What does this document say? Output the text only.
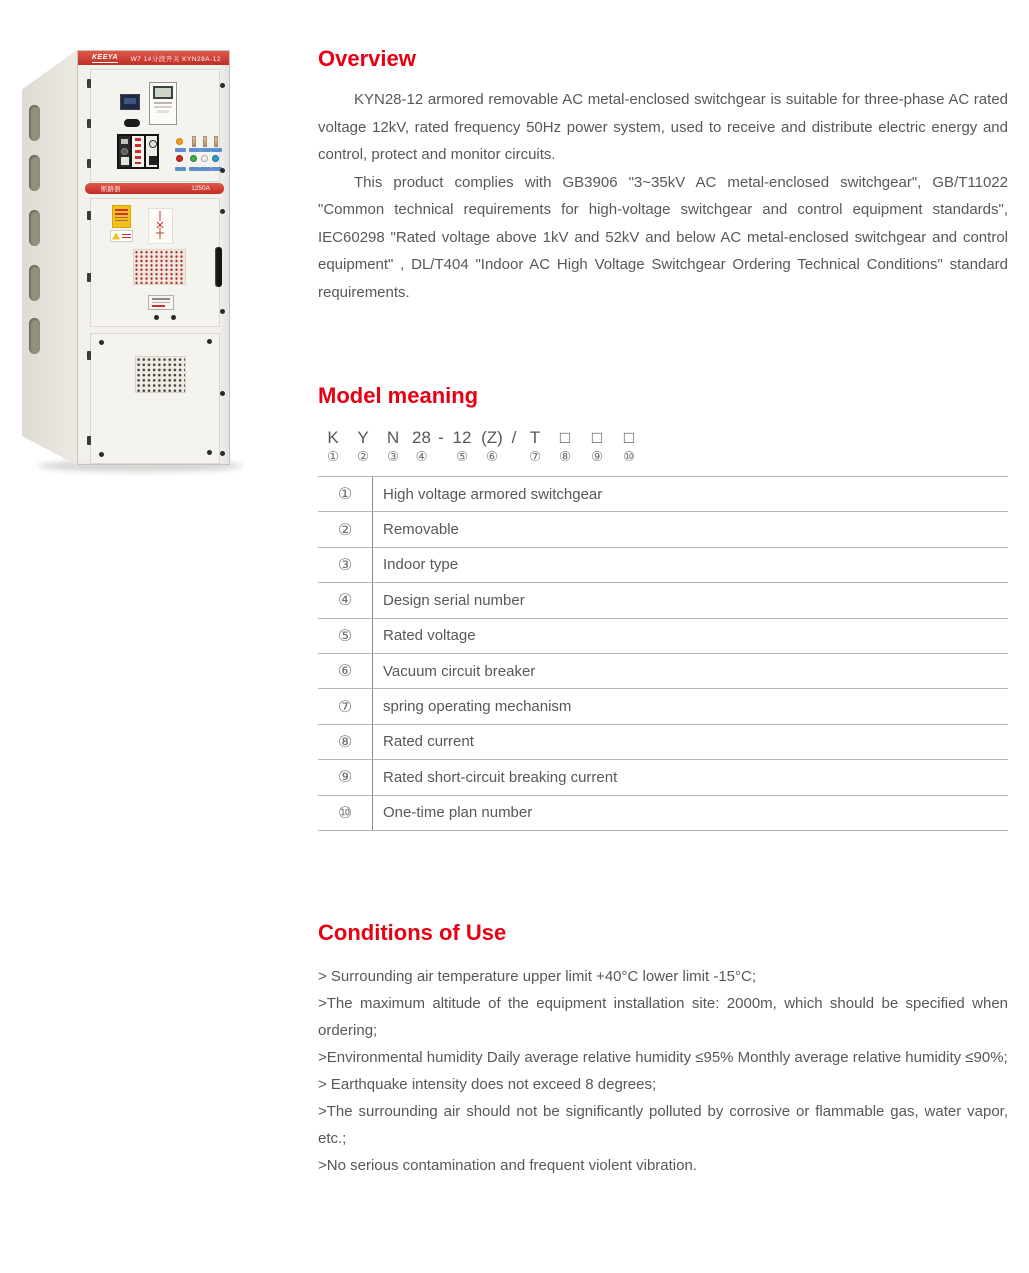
KEEYA W7 1#分段开关 KYN28A-12
断路器	1250A
Overview

KYN28-12 armored removable AC metal-enclosed switchgear is suitable for three-phase AC rated voltage 12kV, rated frequency 50Hz power system, used to receive and distribute electric energy and control, protect and monitor circuits.

This product complies with GB3906 "3~35kV AC metal-enclosed switchgear", GB/T11022 "Common technical requirements for high-voltage switchgear and control equipment standards", IEC60298 "Rated voltage above 1kV and 52kV and below AC metal-enclosed switchgear and control equipment" , DL/T404 "Indoor AC High Voltage Switchgear Ordering Technical Conditions" standard requirements.

Model meaning
K
①
Y
②
N
③
28
④
- 12
⑤
(Z)
⑥
/ T
⑦
□
⑧
□
⑨
□
⑩
①	High voltage armored switchgear
②	Removable
③	Indoor type
④	Design serial number
⑤	Rated voltage
⑥	Vacuum circuit breaker
⑦	spring operating mechanism
⑧	Rated current
⑨	Rated short-circuit breaking current
⑩	One-time plan number
Conditions of Use

> Surrounding air temperature upper limit +40°C lower limit -15°C;

>The maximum altitude of the equipment installation site: 2000m, which should be specified when ordering;

>Environmental humidity Daily average relative humidity ≤95% Monthly average relative humidity ≤90%;

> Earthquake intensity does not exceed 8 degrees;

>The surrounding air should not be significantly polluted by corrosive or flammable gas, water vapor, etc.;

>No serious contamination and frequent violent vibration.
